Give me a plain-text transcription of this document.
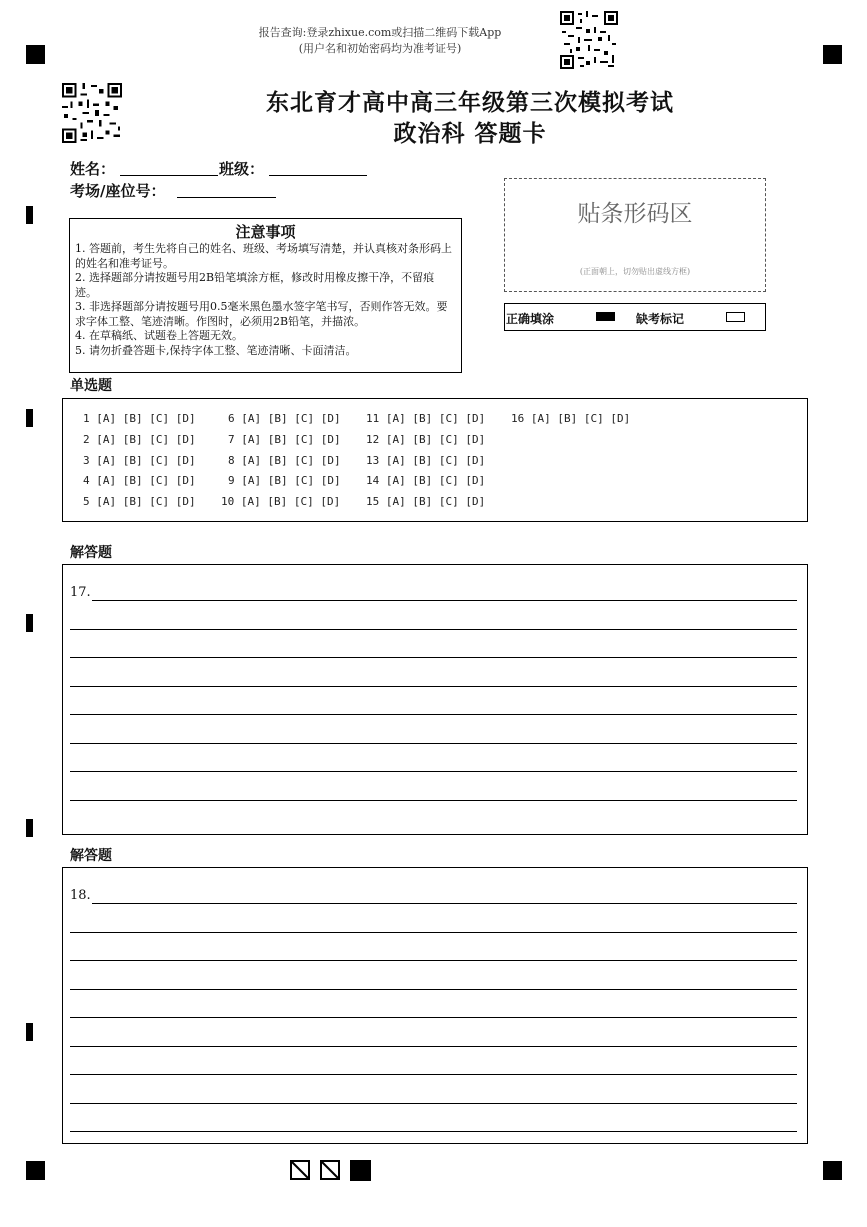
报告查询:登录zhixue.com或扫描二维码下载App
(用户名和初始密码均为准考证号)
东北育才高中高三年级第三次模拟考试
政治科 答题卡
姓名：	班级：
考场/座位号：
注意事项
1. 答题前，考生先将自己的姓名、班级、考场填写清楚，并认真核对条形码上的姓名和准考证号。
2. 选择题部分请按题号用2B铅笔填涂方框，修改时用橡皮擦干净，不留痕迹。
3. 非选择题部分请按题号用0.5毫米黑色墨水签字笔书写，否则作答无效。要求字体工整、笔迹清晰。作图时，必须用2B铅笔，并描浓。
4. 在草稿纸、试题卷上答题无效。
5. 请勿折叠答题卡,保持字体工整、笔迹清晰、卡面清洁。
贴条形码区
(正面朝上，切勿贴出虚线方框)
正确填涂	缺考标记
单选题
1 [A] [B] [C] [D]
2 [A] [B] [C] [D]
3 [A] [B] [C] [D]
4 [A] [B] [C] [D]
5 [A] [B] [C] [D]
6 [A] [B] [C] [D]
7 [A] [B] [C] [D]
8 [A] [B] [C] [D]
9 [A] [B] [C] [D]
10 [A] [B] [C] [D]
11 [A] [B] [C] [D]
12 [A] [B] [C] [D]
13 [A] [B] [C] [D]
14 [A] [B] [C] [D]
15 [A] [B] [C] [D]
16 [A] [B] [C] [D]
解答题
17.
解答题
18.
